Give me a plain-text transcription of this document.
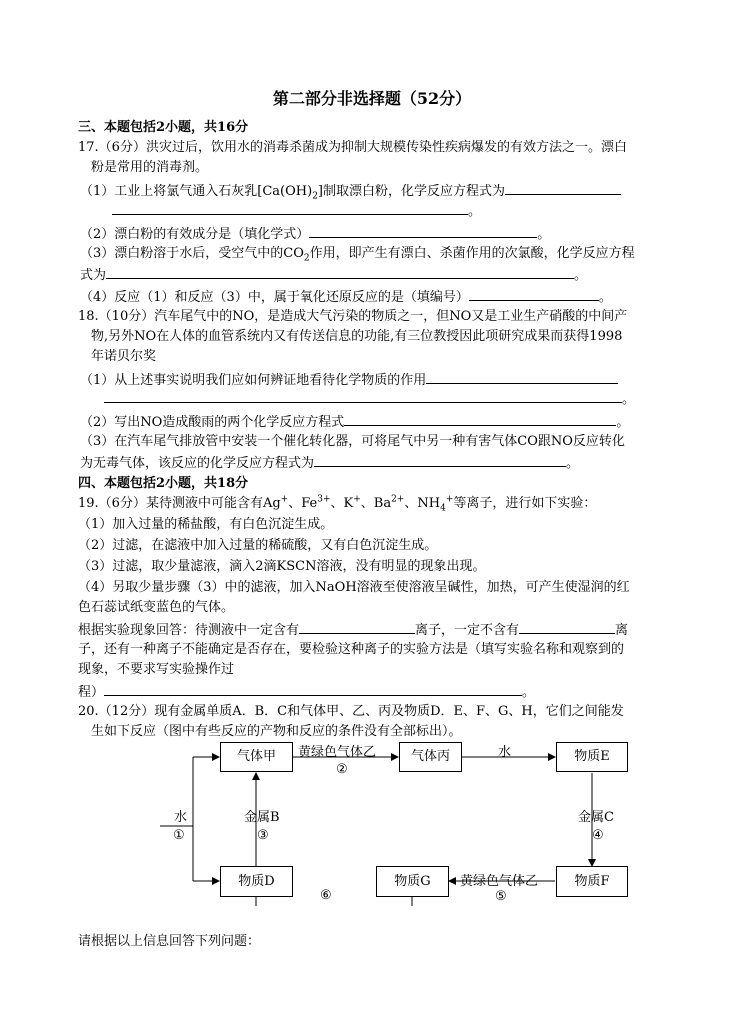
第二部分非选择题（52分）
三、本题包括2小题，共16分
17.（6分）洪灾过后，饮用水的消毒杀菌成为抑制大规模传染性疾病爆发的有效方法之一。漂白
粉是常用的消毒剂。
（1）工业上将氯气通入石灰乳$[Ca(OH)_2]$制取漂白粉，化学反应方程式为
。
（2）漂白粉的有效成分是（填化学式）	。
（3）漂白粉溶于水后，受空气中的$CO_2$作用，即产生有漂白、杀菌作用的次氯酸，化学反应方程
式为	。
（4）反应（1）和反应（3）中，属于氧化还原反应的是（填编号）	。
18.（10分）汽车尾气中的NO，是造成大气污染的物质之一，但NO又是工业生产硝酸的中间产
物,另外NO在人体的血管系统内又有传送信息的功能,有三位教授因此项研究成果而获得1998
年诺贝尔奖
（1）从上述事实说明我们应如何辨证地看待化学物质的作用
。
（2）写出NO造成酸雨的两个化学反应方程式	。
（3）在汽车尾气排放管中安装一个催化转化器，可将尾气中另一种有害气体CO跟NO反应转化
为无毒气体，该反应的化学反应方程式为	。
四、本题包括2小题，共18分
19.（6分）某待测液中可能含有Ag+、$Fe^{3+}$、K+、$Ba^{2+}$、$NH_4^+$等离子，进行如下实验：
（1）加入过量的稀盐酸，有白色沉淀生成。
（2）过滤，在滤液中加入过量的稀硫酸，又有白色沉淀生成。
（3）过滤，取少量滤液，滴入2滴KSCN溶液，没有明显的现象出现。
（4）另取少量步骤（3）中的滤液，加入NaOH溶液至使溶液呈碱性，加热，可产生使湿润的红
色石蕊试纸变蓝色的气体。
根据实验现象回答：待测液中一定含有	离子，一定不含有	离
子，还有一种离子不能确定是否存在，要检验这种离子的实验方法是（填写实验名称和观察到的
现象，不要求写实验操作过
程）	。
20.（12分）现有金属单质A．B．C和气体甲、乙、丙及物质D．E、F、G、H，它们之间能发
生如下反应（图中有些反应的产物和反应的条件没有全部标出）。
气体甲	气体丙	物质E
物质D	物质G	物质F
水
①
黄绿色气体乙
②
金属B
③
水
金属C
④
黄绿色气体乙
⑤
⑥
请根据以上信息回答下列问题：
